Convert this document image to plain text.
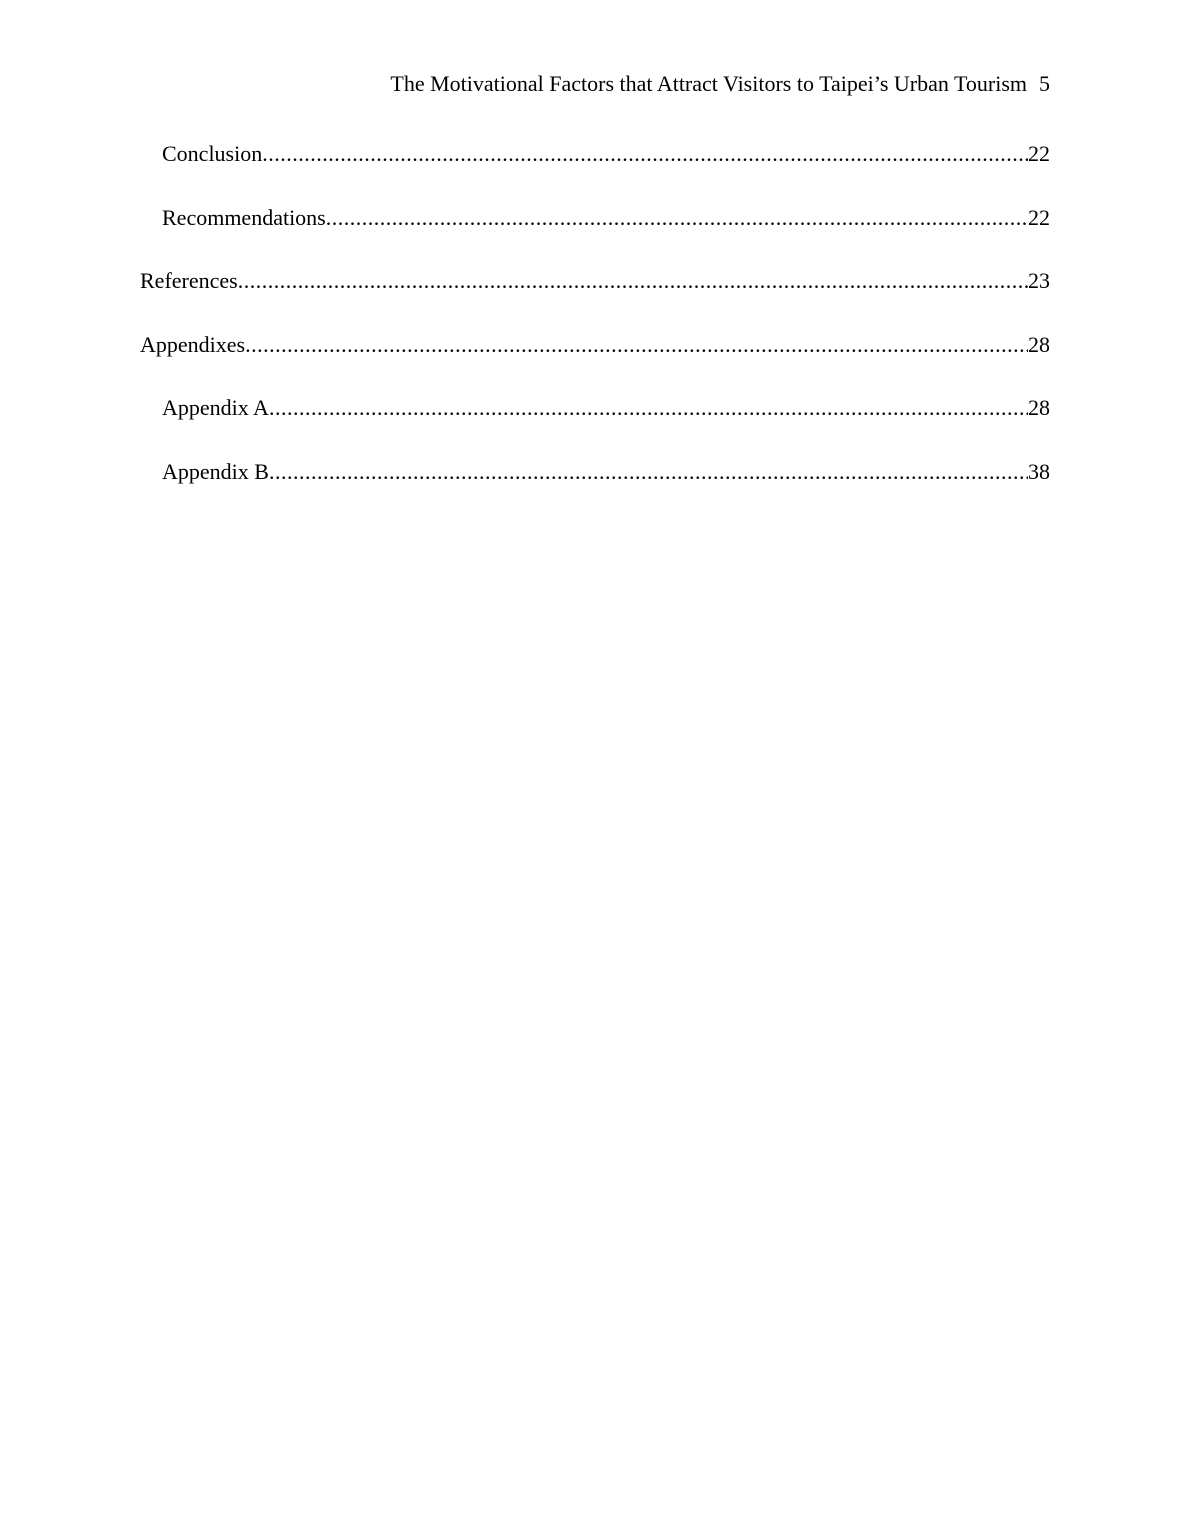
The Motivational Factors that Attract Visitors to Taipei’s Urban Tourism 5
Conclusion .....	22
Recommendations .....	22
References .....	23
Appendixes .....	28
Appendix A .....	28
Appendix B .....	38
